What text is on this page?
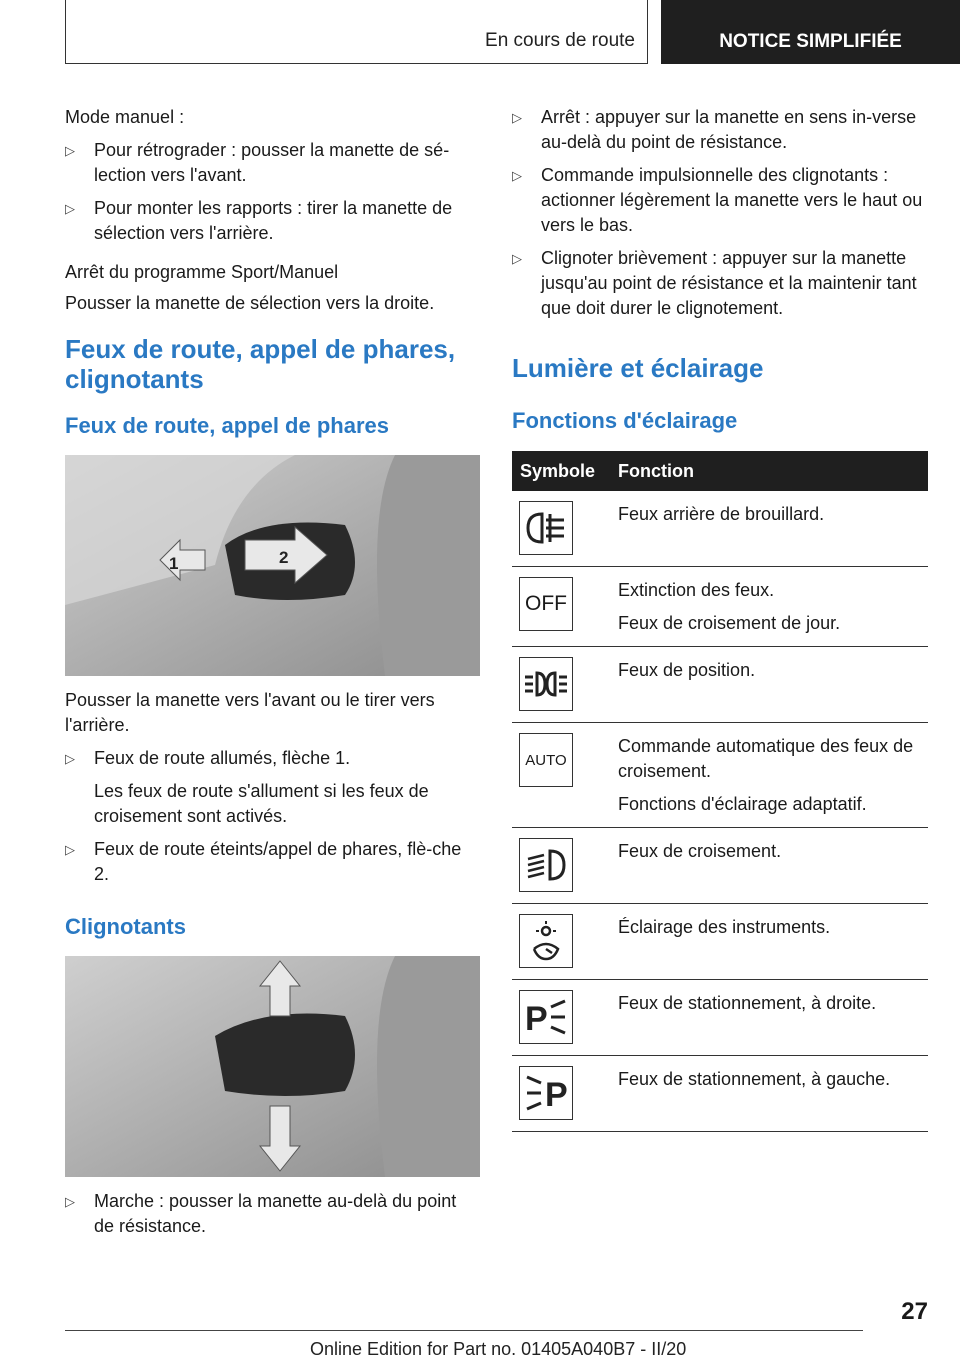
En cours de route	NOTICE SIMPLIFIÉE

Mode manuel :

▷ Pour rétrograder : pousser la manette de sé‐lection vers l'avant.
▷ Pour monter les rapports : tirer la manette de sélection vers l'arrière.

Arrêt du programme Sport/Manuel

Pousser la manette de sélection vers la droite.

Feux de route, appel de phares, clignotants
Feux de route, appel de phares
1	2

Pousser la manette vers l'avant ou le tirer vers l'arrière.

▷ Feux de route allumés, flèche 1.
Les feux de route s'allument si les feux de croisement sont activés.
▷ Feux de route éteints/appel de phares, flè‐che 2.
Clignotants
▷ Marche : pousser la manette au-delà du point de résistance.
▷ Arrêt : appuyer sur la manette en sens in‐verse au-delà du point de résistance.
▷ Commande impulsionnelle des clignotants : actionner légèrement la manette vers le haut ou vers le bas.
▷ Clignoter brièvement : appuyer sur la manette jusqu'au point de résistance et la maintenir tant que doit durer le clignotement.
Lumière et éclairage
Fonctions d'éclairage
Symbole	Fonction

Feux arrière de brouillard.

OFF	Extinction des feux.
Feux de croisement de jour.

Feux de position.

AUTO	Commande automatique des feux de croisement.
Fonctions d'éclairage adaptatif.

Feux de croisement.

Éclairage des instruments.

P	Feux de stationnement, à droite.

P	Feux de stationnement, à gauche.
27
Online Edition for Part no. 01405A040B7 - II/20
